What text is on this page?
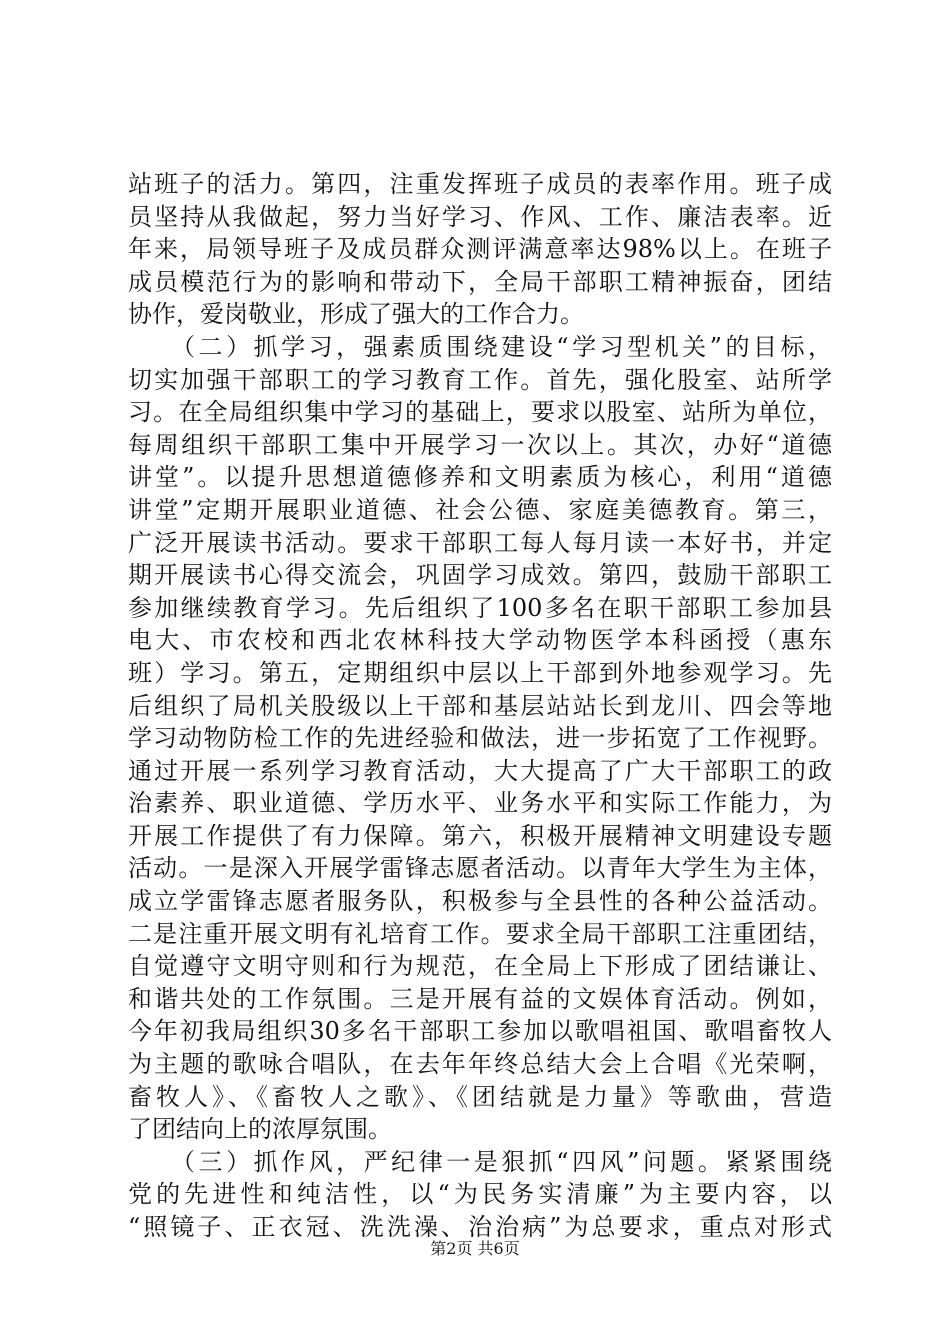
站班子的活力。第四，注重发挥班子成员的表率作用。班子成
员坚持从我做起，努力当好学习、作风、工作、廉洁表率。近
年来，局领导班子及成员群众测评满意率达98%以上。在班子
成员模范行为的影响和带动下，全局干部职工精神振奋，团结
协作，爱岗敬业，形成了强大的工作合力。
　　（二）抓学习，强素质围绕建设“学习型机关”的目标，
切实加强干部职工的学习教育工作。首先，强化股室、站所学
习。在全局组织集中学习的基础上，要求以股室、站所为单位，
每周组织干部职工集中开展学习一次以上。其次，办好“道德
讲堂”。以提升思想道德修养和文明素质为核心，利用“道德
讲堂”定期开展职业道德、社会公德、家庭美德教育。第三，
广泛开展读书活动。要求干部职工每人每月读一本好书，并定
期开展读书心得交流会，巩固学习成效。第四，鼓励干部职工
参加继续教育学习。先后组织了100多名在职干部职工参加县
电大、市农校和西北农林科技大学动物医学本科函授（惠东
班）学习。第五，定期组织中层以上干部到外地参观学习。先
后组织了局机关股级以上干部和基层站站长到龙川、四会等地
学习动物防检工作的先进经验和做法，进一步拓宽了工作视野。
通过开展一系列学习教育活动，大大提高了广大干部职工的政
治素养、职业道德、学历水平、业务水平和实际工作能力，为
开展工作提供了有力保障。第六，积极开展精神文明建设专题
活动。一是深入开展学雷锋志愿者活动。以青年大学生为主体，
成立学雷锋志愿者服务队，积极参与全县性的各种公益活动。
二是注重开展文明有礼培育工作。要求全局干部职工注重团结，
自觉遵守文明守则和行为规范，在全局上下形成了团结谦让、
和谐共处的工作氛围。三是开展有益的文娱体育活动。例如，
今年初我局组织30多名干部职工参加以歌唱祖国、歌唱畜牧人
为主题的歌咏合唱队，在去年年终总结大会上合唱《光荣啊，
畜牧人》、《畜牧人之歌》、《团结就是力量》等歌曲，营造
了团结向上的浓厚氛围。
　　（三）抓作风，严纪律一是狠抓“四风”问题。紧紧围绕
党的先进性和纯洁性，以“为民务实清廉”为主要内容，以
“照镜子、正衣冠、洗洗澡、治治病”为总要求，重点对形式
第2页 共6页
